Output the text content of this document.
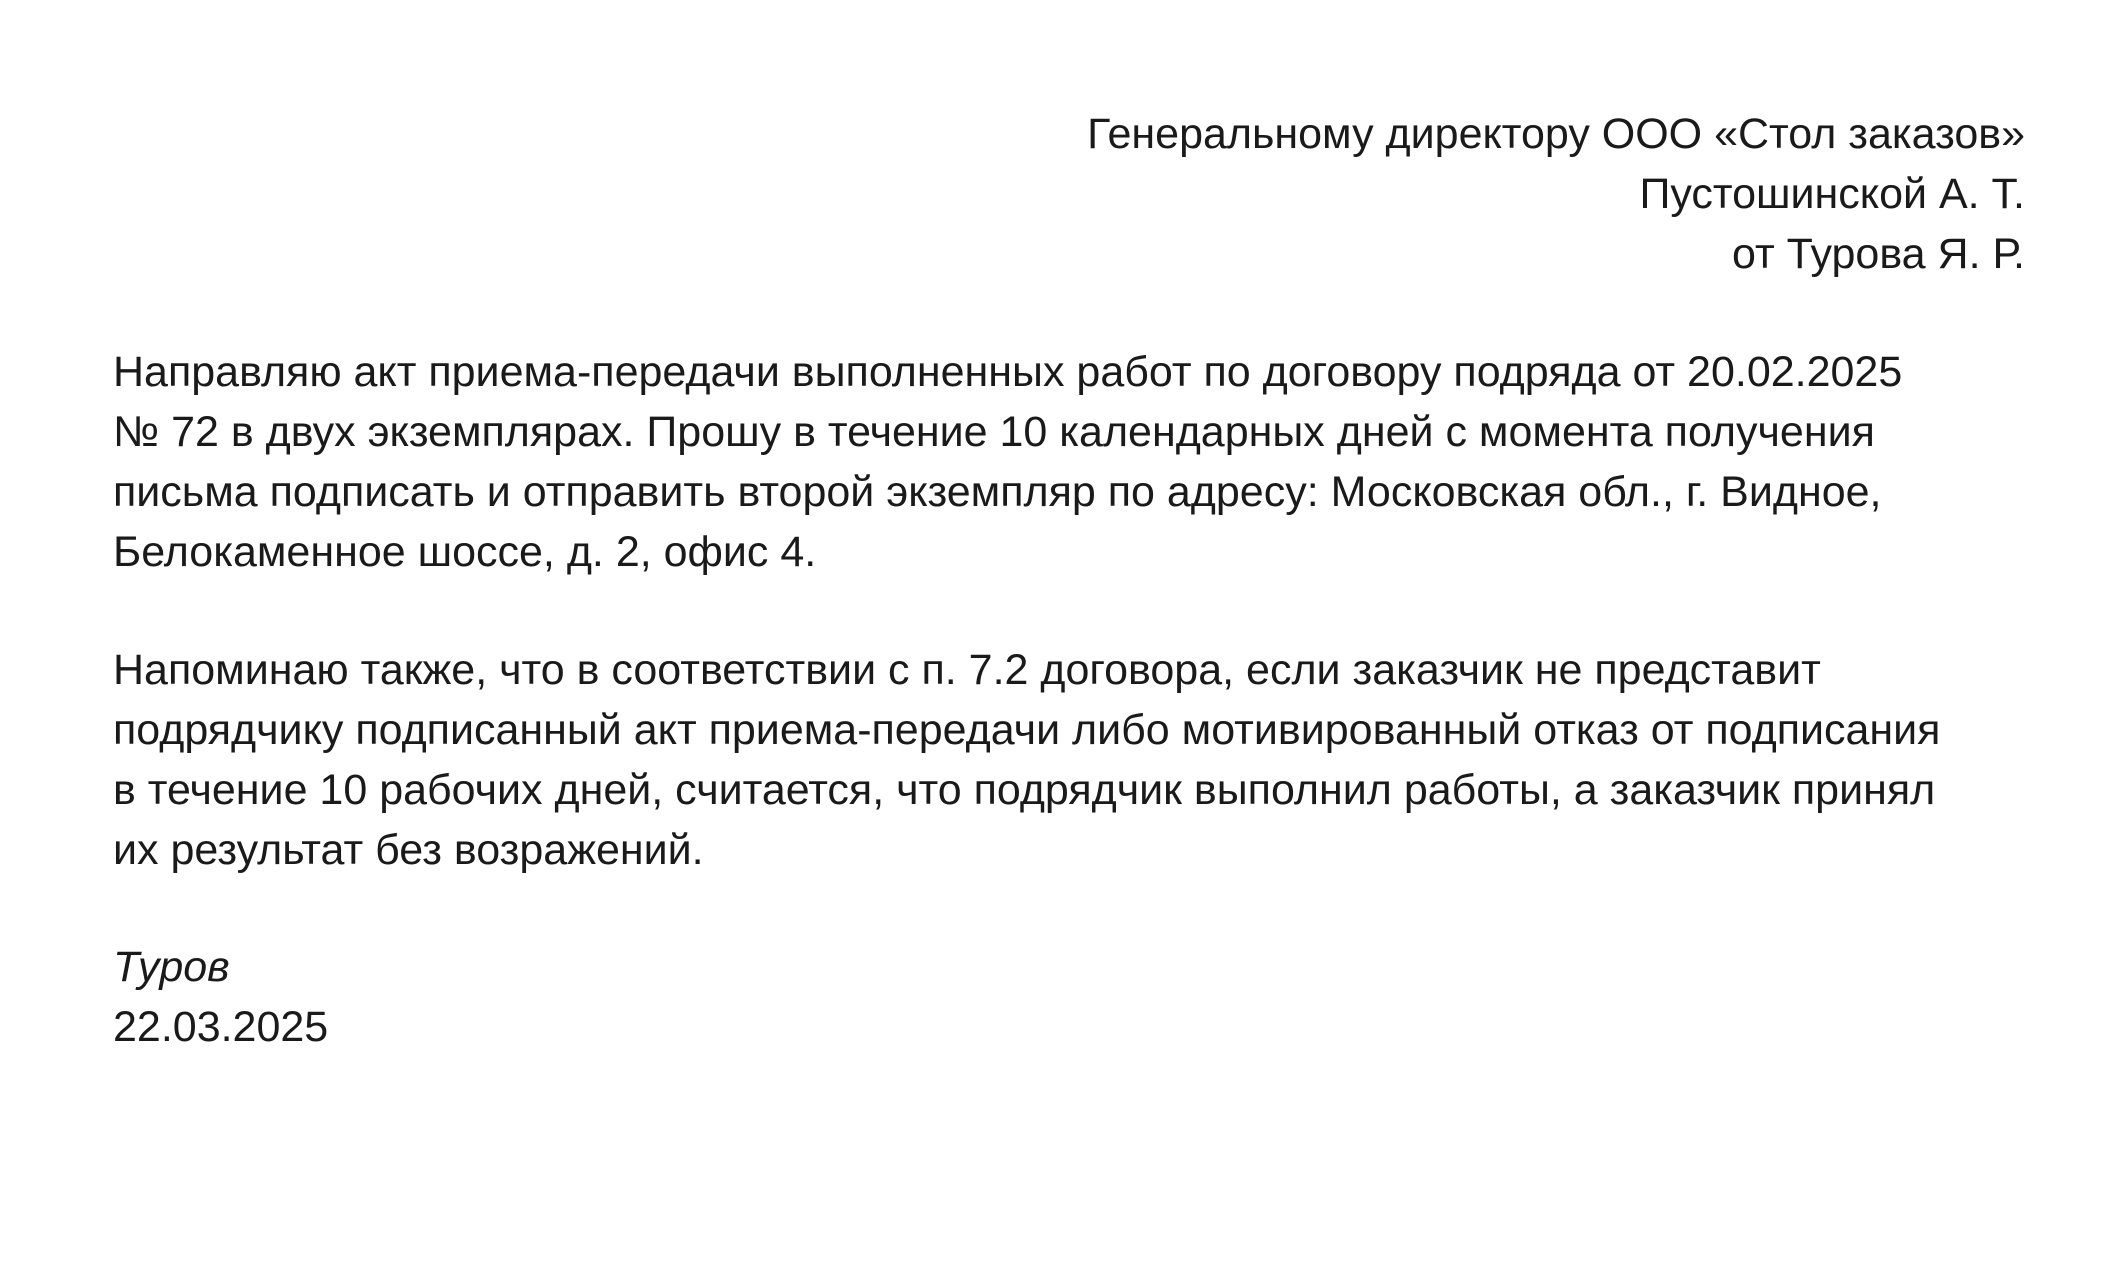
Генеральному директору ООО «Стол заказов»
Пустошинской А. Т.
от Турова Я. Р.
Направляю акт приема-передачи выполненных работ по договору подряда от 20.02.2025
№ 72 в двух экземплярах. Прошу в течение 10 календарных дней с момента получения
письма подписать и отправить второй экземпляр по адресу: Московская обл., г. Видное,
Белокаменное шоссе, д. 2, офис 4.
Напоминаю также, что в соответствии с п. 7.2 договора, если заказчик не представит
подрядчику подписанный акт приема-передачи либо мотивированный отказ от подписания
в течение 10 рабочих дней, считается, что подрядчик выполнил работы, а заказчик принял
их результат без возражений.
Туров
22.03.2025
